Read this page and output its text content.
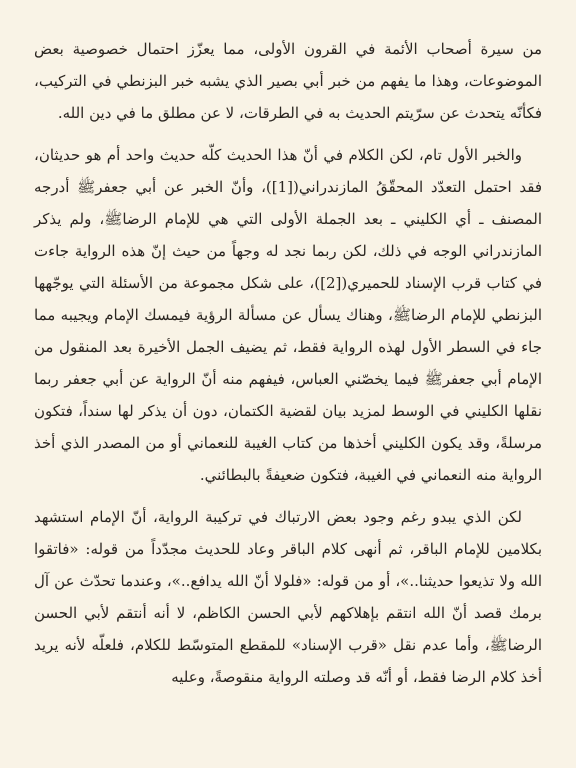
من سيرة أصحاب الأئمة في القرون الأولى، مما يعزّز احتمال خصوصية بعض الموضوعات، وهذا ما يفهم من خبر أبي بصير الذي يشبه خبر البزنطي في التركيب، فكأنّه يتحدث عن سرّيتم الحديث به في الطرقات، لا عن مطلق ما في دين الله.

والخبر الأول تام، لكن الكلام في أنّ هذا الحديث كلّه حديث واحد أم هو حديثان، فقد احتمل التعدّد المحقّقُ المازندراني([1])، وأنّ الخبر عن أبي جعفرﷺ أدرجه المصنف ـ أي الكليني ـ بعد الجملة الأولى التي هي للإمام الرضاﷺ، ولم يذكر المازندراني الوجه في ذلك، لكن ربما نجد له وجهاً من حيث إنّ هذه الرواية جاءت في كتاب قرب الإسناد للحميري([2])، على شكل مجموعة من الأسئلة التي يوجّهها البزنطي للإمام الرضاﷺ، وهناك يسأل عن مسألة الرؤية فيمسك الإمام ويجيبه مما جاء في السطر الأول لهذه الرواية فقط، ثم يضيف الجمل الأخيرة بعد المنقول من الإمام أبي جعفرﷺ فيما يخصّني العباس، فيفهم منه أنّ الرواية عن أبي جعفر ربما نقلها الكليني في الوسط لمزيد بيان لقضية الكتمان، دون أن يذكر لها سنداً، فتكون مرسلةً، وقد يكون الكليني أخذها من كتاب الغيبة للنعماني أو من المصدر الذي أخذ الرواية منه النعماني في الغيبة، فتكون ضعيفةً بالبطائني.

لكن الذي يبدو رغم وجود بعض الارتباك في تركيبة الرواية، أنّ الإمام استشهد بكلامين للإمام الباقر، ثم أنهى كلام الباقر وعاد للحديث مجدّداً من قوله: «فاتقوا الله ولا تذيعوا حديثنا..»، أو من قوله: «فلولا أنّ الله يدافع..»، وعندما تحدّث عن آل برمك قصد أنّ الله انتقم بإهلاكهم لأبي الحسن الكاظم، لا أنه أنتقم لأبي الحسن الرضاﷺ، وأما عدم نقل «قرب الإسناد» للمقطع المتوسّط للكلام، فلعلّه لأنه يريد أخذ كلام الرضا فقط، أو أنّه قد وصلته الرواية منقوصةً، وعليه
